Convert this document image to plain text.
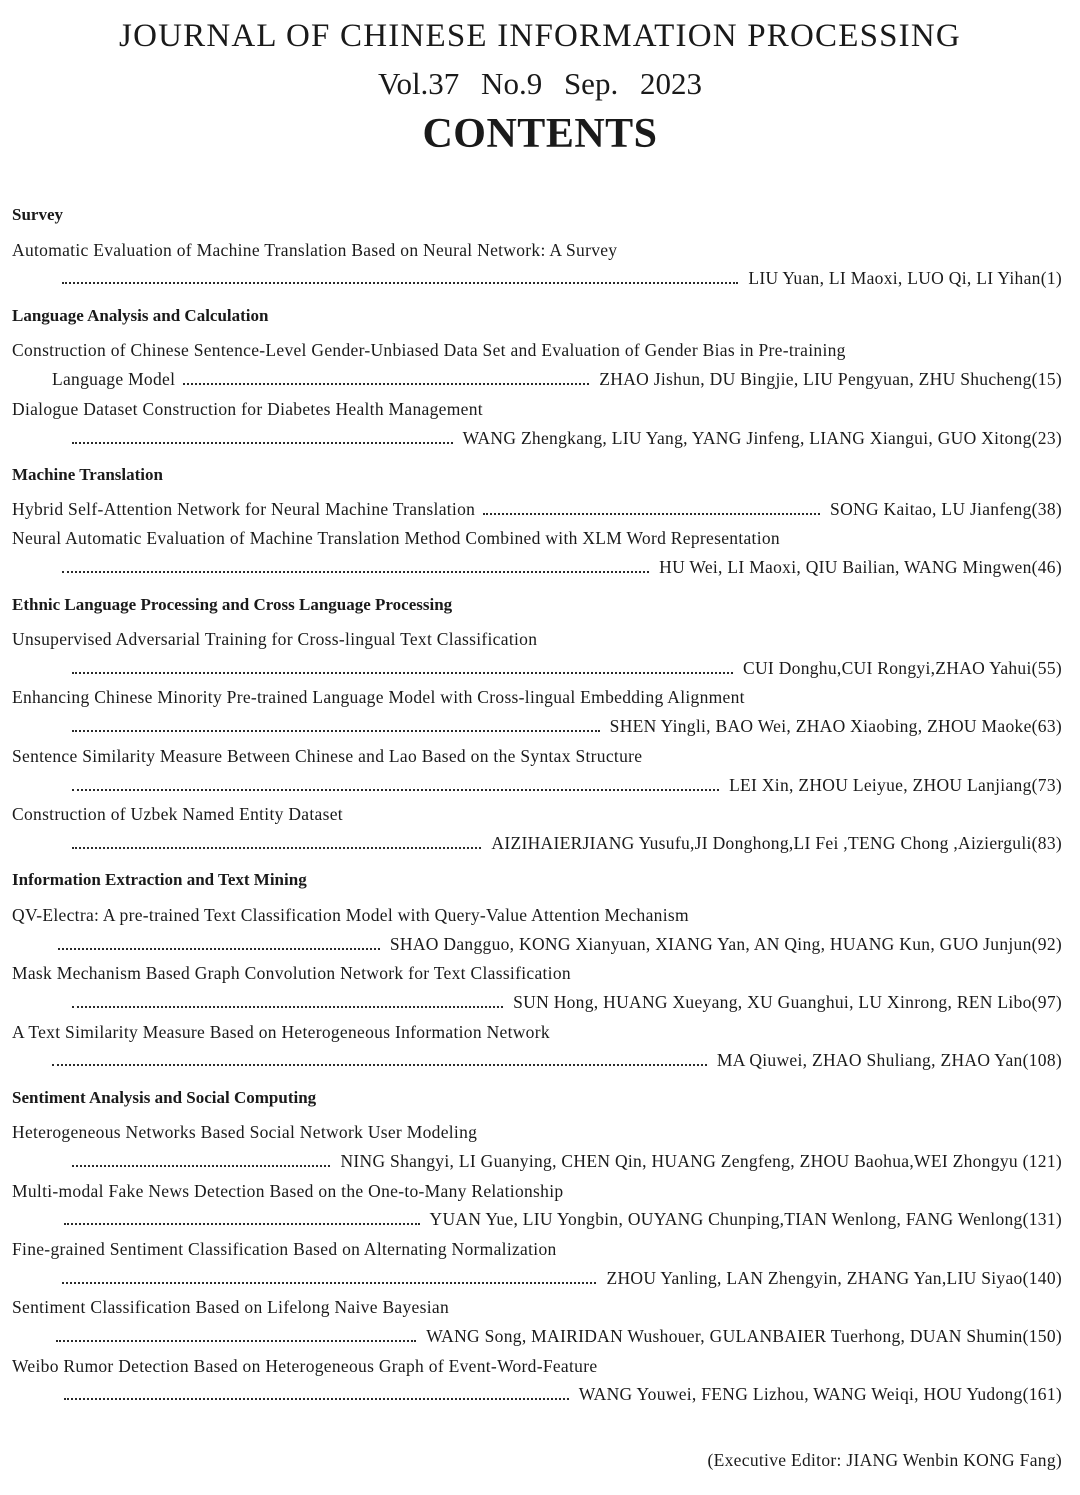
JOURNAL OF CHINESE INFORMATION PROCESSING
Vol.37 No.9 Sep. 2023
CONTENTS
Survey
Automatic Evaluation of Machine Translation Based on Neural Network: A Survey
LIU Yuan, LI Maoxi, LUO Qi, LI Yihan(1)
Language Analysis and Calculation
Construction of Chinese Sentence-Level Gender-Unbiased Data Set and Evaluation of Gender Bias in Pre-training
Language Model	ZHAO Jishun, DU Bingjie, LIU Pengyuan, ZHU Shucheng(15)
Dialogue Dataset Construction for Diabetes Health Management
WANG Zhengkang, LIU Yang, YANG Jinfeng, LIANG Xiangui, GUO Xitong(23)
Machine Translation
Hybrid Self-Attention Network for Neural Machine Translation	SONG Kaitao, LU Jianfeng(38)
Neural Automatic Evaluation of Machine Translation Method Combined with XLM Word Representation
HU Wei, LI Maoxi, QIU Bailian, WANG Mingwen(46)
Ethnic Language Processing and Cross Language Processing
Unsupervised Adversarial Training for Cross-lingual Text Classification
CUI Donghu,CUI Rongyi,ZHAO Yahui(55)
Enhancing Chinese Minority Pre-trained Language Model with Cross-lingual Embedding Alignment
SHEN Yingli, BAO Wei, ZHAO Xiaobing, ZHOU Maoke(63)
Sentence Similarity Measure Between Chinese and Lao Based on the Syntax Structure
LEI Xin, ZHOU Leiyue, ZHOU Lanjiang(73)
Construction of Uzbek Named Entity Dataset
AIZIHAIERJIANG Yusufu,JI Donghong,LI Fei ,TENG Chong ,Aizierguli(83)
Information Extraction and Text Mining
QV-Electra: A pre-trained Text Classification Model with Query-Value Attention Mechanism
SHAO Dangguo, KONG Xianyuan, XIANG Yan, AN Qing, HUANG Kun, GUO Junjun(92)
Mask Mechanism Based Graph Convolution Network for Text Classification
SUN Hong, HUANG Xueyang, XU Guanghui, LU Xinrong, REN Libo(97)
A Text Similarity Measure Based on Heterogeneous Information Network
MA Qiuwei, ZHAO Shuliang, ZHAO Yan(108)
Sentiment Analysis and Social Computing
Heterogeneous Networks Based Social Network User Modeling
NING Shangyi, LI Guanying, CHEN Qin, HUANG Zengfeng, ZHOU Baohua,WEI Zhongyu (121)
Multi-modal Fake News Detection Based on the One-to-Many Relationship
YUAN Yue, LIU Yongbin, OUYANG Chunping,TIAN Wenlong, FANG Wenlong(131)
Fine-grained Sentiment Classification Based on Alternating Normalization
ZHOU Yanling, LAN Zhengyin, ZHANG Yan,LIU Siyao(140)
Sentiment Classification Based on Lifelong Naive Bayesian
WANG Song, MAIRIDAN Wushouer, GULANBAIER Tuerhong, DUAN Shumin(150)
Weibo Rumor Detection Based on Heterogeneous Graph of Event-Word-Feature
WANG Youwei, FENG Lizhou, WANG Weiqi, HOU Yudong(161)
(Executive Editor: JIANG Wenbin KONG Fang)
